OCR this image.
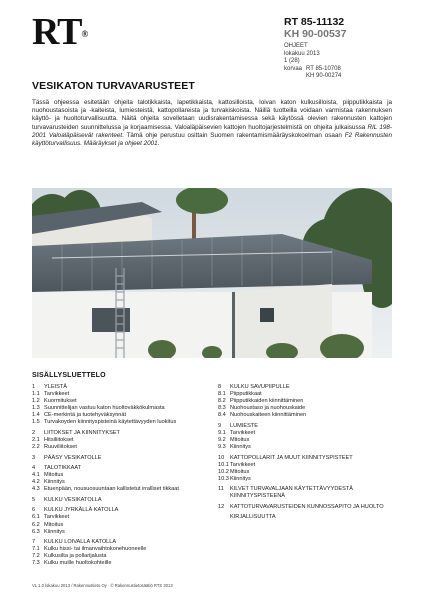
RT®
RT 85-11132
KH 90-00537
OHJEET
lokakuu 2013
1 (28)
korvaa RT 85-10708
KH 90-00274
VESIKATON TURVAVARUSTEET
Tässä ohjeessa esitetään ohjeita talotikkaista, lapetikkaista, kattosilloista, loivan katon kulkusilloista, piipputikkaista ja nuohoustasoista ja -kaiteista, lumiesteistä, kattopollareista ja turvakiskoista. Näillä tuotteilla voidaan varmistaa rakennuksen käyttö- ja huoltoturvallisuutta. Näitä ohjeita sovelletaan uudisrakentamisessa sekä käytössä olevien rakennusten kattojen turvavarusteiden suunnittelussa ja korjaamisessa. Valoaläpäisevien kattojen huoltojarjestelmistä on ohjeita julkaisussa RIL 198-2001 Valoaläpäisevät rakenteet. Tämä ohje perustuu osittain Suomen rakentamismääräyskokoelman osaan F2 Rakennusten käyttöturvallisuus. Määräykset ja ohjeet 2001.
SISÄLLYSLUETTELO
1	YLEISTÄ
1.1 Tarvikkeet
1.2 Kuormitukset
1.3 Suunnittelijan vastuu katon huoltoväkkökulmasta
1.4 CE-merkintä ja tuotehyväksynnät
1.5 Turvakoyden kiinnityspisteinä käytettävyyden luokitus
2	LIITOKSET JA KIINNITYKSET
2.1 Hitsiliitokset
2.2 Ruuviliitokset
3	PÄÄSY VESIKATOLLE
4	TALOTIKKAAT
4.1 Mitoitus
4.2 Kiinnitys
4.3 Etuenpään, nousuosuuntaan kallistetut irralliset tikkaat
5	KULKU VESIKATOLLA
6	KULKU JYRKÄLLÄ KATOLLA
6.1 Tarvikkeet
6.2 Mitoitus
6.3 Kiinnitys
7	KULKU LOIVALLA KATOLLA
7.1 Kulku hissi- tai ilmanvaihtokonehuoneelle
7.2 Kulkusilta ja pollarijalusta
7.3 Kulku muille huoltokohteille
8	KULKU SAVUPIIPULLE
8.1 Piipputikkaat
8.2 Piipputikkaiden kiinnittäminen
8.3 Nuohoustaso ja nuohouskaide
8.4 Nuohouskaiteen kiinnittäminen
9	LUMIESTE
9.1 Tarvikkeet
9.2 Mitoitus
9.3 Kiinnitys
10	KATTOPOLLARIT JA MUUT KIINNITYSPISTEET
10.1 Tarvikkeet
10.2 Mitoitus
10.3 Kiinnitys
11	KILVET TURVAVALJAAN KÄYTETTÄVYYDESTÄ KIINNITYSPISTEENÄ
12	KATTOTURVAVARUSTEIDEN KUNNOSSAPITO JA HUOLTO
KIRJALLISUUTTA
VL 1.0 lokakuu 2013 / Rakennustieto Oy · © Rakennustietosäätiö RTS 2013
